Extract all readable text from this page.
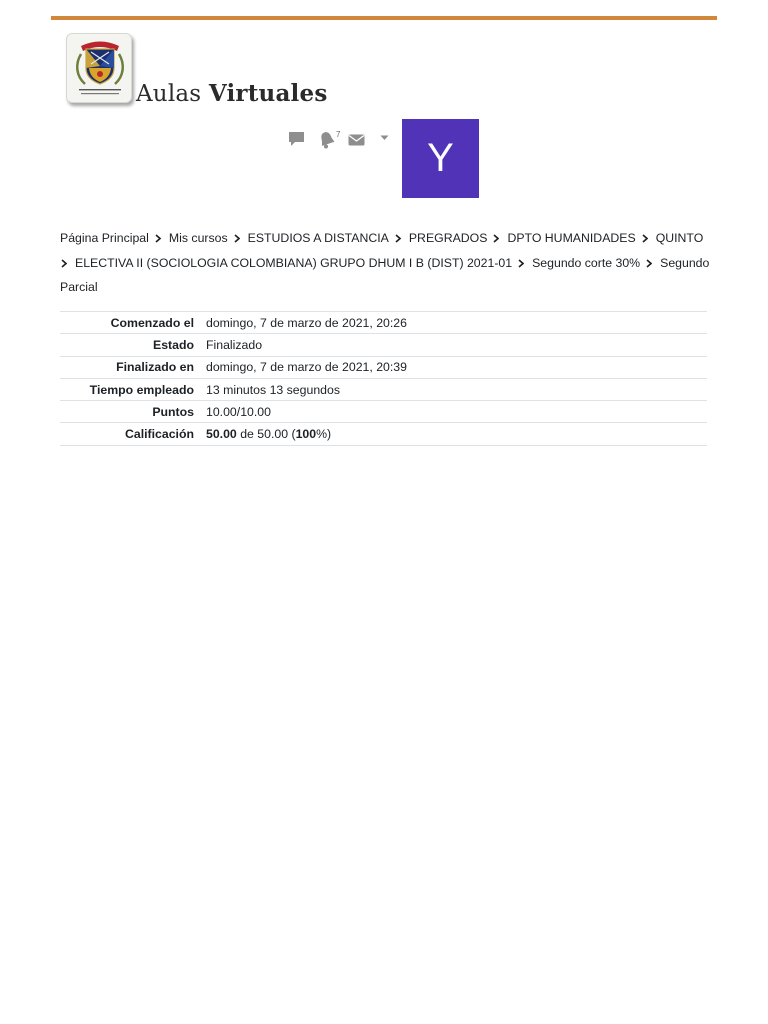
Aulas Virtuales
7
Y
Página Principal Mis cursos ESTUDIOS A DISTANCIA PREGRADOS DPTO HUMANIDADES QUINTO
ELECTIVA II (SOCIOLOGIA COLOMBIANA) GRUPO DHUM I B (DIST) 2021-01 Segundo corte 30% Segundo Parcial
Comenzado el	domingo, 7 de marzo de 2021, 20:26
Estado	Finalizado
Finalizado en	domingo, 7 de marzo de 2021, 20:39
Tiempo empleado	13 minutos 13 segundos
Puntos	10.00/10.00
Calificación	50.00 de 50.00 (100%)
